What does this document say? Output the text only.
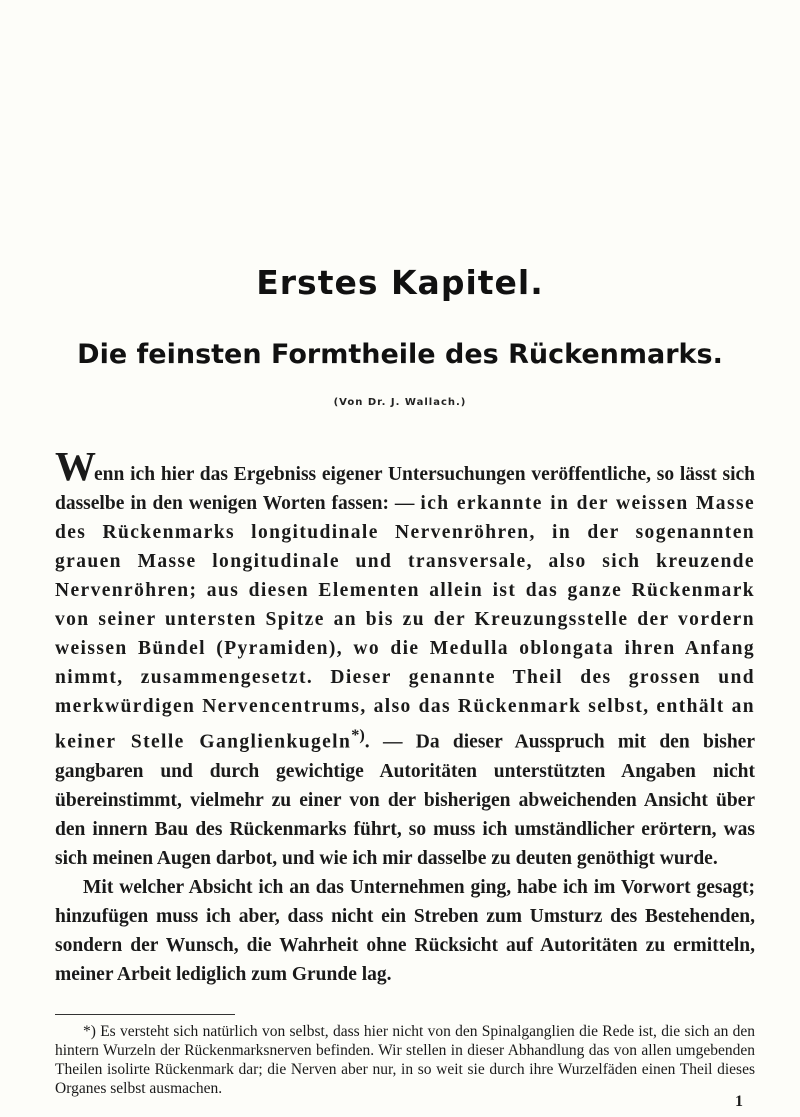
Erstes Kapitel.
Die feinsten Formtheile des Rückenmarks.
(Von Dr. J. Wallach.)

Wenn ich hier das Ergebniss eigener Untersuchungen veröffentliche, so lässt sich dasselbe in den wenigen Worten fassen: — ich erkannte in der weissen Masse des Rückenmarks longitudinale Nervenröhren, in der sogenannten grauen Masse longitudinale und transversale, also sich kreuzende Nervenröhren; aus diesen Elementen allein ist das ganze Rückenmark von seiner untersten Spitze an bis zu der Kreuzungsstelle der vordern weissen Bündel (Pyramiden), wo die Medulla oblongata ihren Anfang nimmt, zusammengesetzt. Dieser genannte Theil des grossen und merkwürdigen Nervencentrums, also das Rückenmark selbst, enthält an keiner Stelle Ganglienkugeln*). — Da dieser Ausspruch mit den bisher gangbaren und durch gewichtige Autoritäten unterstützten Angaben nicht übereinstimmt, vielmehr zu einer von der bisherigen abweichenden Ansicht über den innern Bau des Rückenmarks führt, so muss ich umständlicher erörtern, was sich meinen Augen darbot, und wie ich mir dasselbe zu deuten genöthigt wurde.

Mit welcher Absicht ich an das Unternehmen ging, habe ich im Vorwort gesagt; hinzufügen muss ich aber, dass nicht ein Streben zum Umsturz des Bestehenden, sondern der Wunsch, die Wahrheit ohne Rücksicht auf Autoritäten zu ermitteln, meiner Arbeit lediglich zum Grunde lag.

*) Es versteht sich natürlich von selbst, dass hier nicht von den Spinalganglien die Rede ist, die sich an den hintern Wurzeln der Rückenmarksnerven befinden. Wir stellen in dieser Abhandlung das von allen umgebenden Theilen isolirte Rückenmark dar; die Nerven aber nur, in so weit sie durch ihre Wurzelfäden einen Theil dieses Organes selbst ausmachen.

1
